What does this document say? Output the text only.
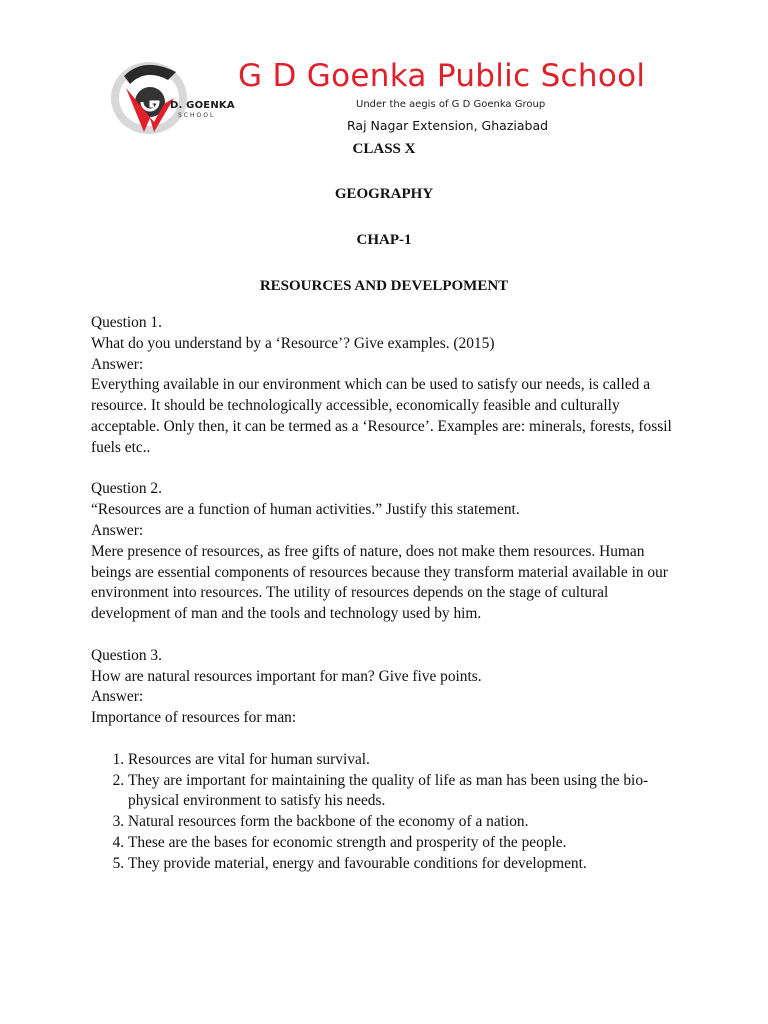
D. GOENKA
SCHOOL
G D Goenka Public School
Under the aegis of G D Goenka Group
Raj Nagar Extension, Ghaziabad
CLASS X
GEOGRAPHY
CHAP-1
RESOURCES AND DEVELPOMENT

Question 1.

What do you understand by a ‘Resource’? Give examples. (2015)

Answer:

Everything available in our environment which can be used to satisfy our needs, is called a resource. It should be technologically accessible, economically feasible and culturally acceptable. Only then, it can be termed as a ‘Resource’. Examples are: minerals, forests, fossil fuels etc..

Question 2.

“Resources are a function of human activities.” Justify this statement.

Answer:

Mere presence of resources, as free gifts of nature, does not make them resources. Human beings are essential components of resources because they transform material available in our environment into resources. The utility of resources depends on the stage of cultural development of man and the tools and technology used by him.

Question 3.

How are natural resources important for man? Give five points.

Answer:

Importance of resources for man:

1. Resources are vital for human survival.
2. They are important for maintaining the quality of life as man has been using the bio-physical environment to satisfy his needs.
3. Natural resources form the backbone of the economy of a nation.
4. These are the bases for economic strength and prosperity of the people.
5. They provide material, energy and favourable conditions for development.
